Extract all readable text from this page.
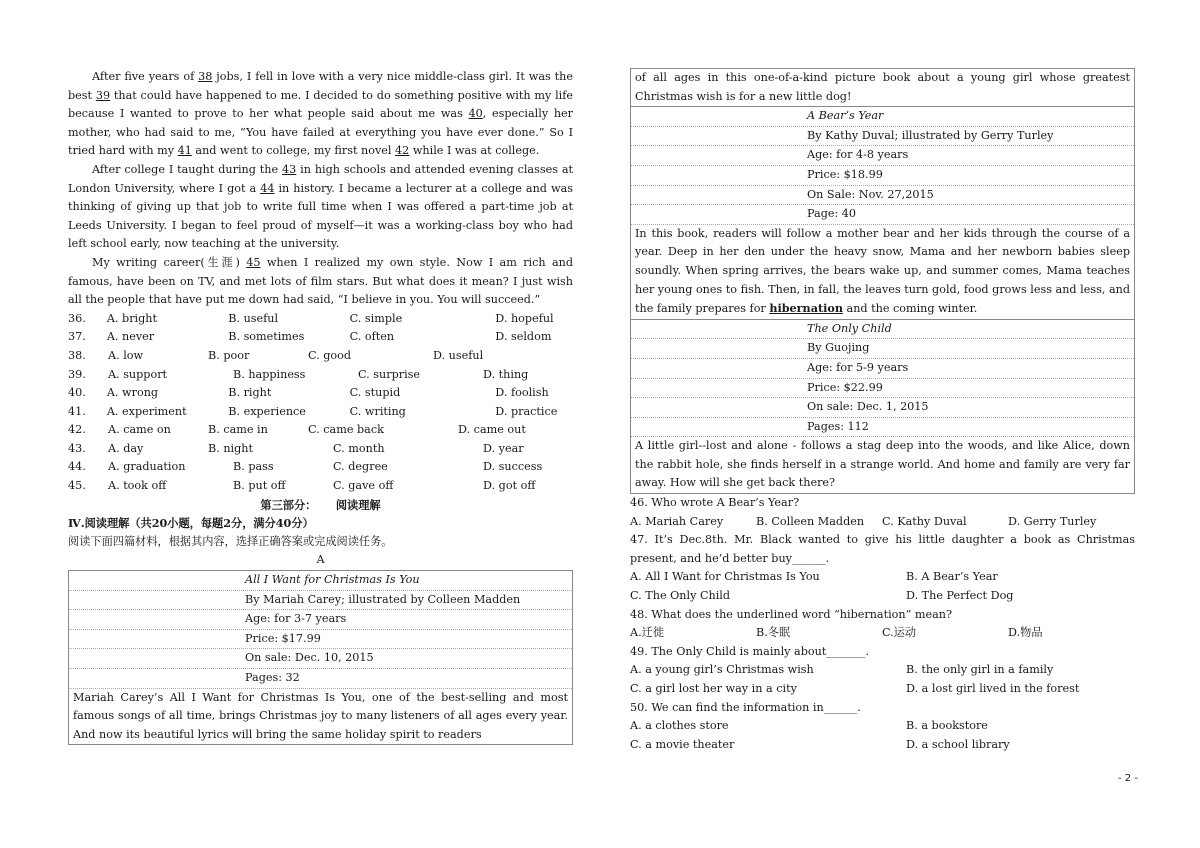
After five years of 38 jobs, I fell in love with a very nice middle-class girl. It was the best 39 that could have happened to me. I decided to do something positive with my life because I wanted to prove to her what people said about me was 40, especially her mother, who had said to me, “You have failed at everything you have ever done.” So I tried hard with my 41 and went to college, my first novel 42 while I was at college.

After college I taught during the 43 in high schools and attended evening classes at London University, where I got a 44 in history. I became a lecturer at a college and was thinking of giving up that job to write full time when I was offered a part-time job at Leeds University. I began to feel proud of myself—it was a working-class boy who had left school early, now teaching at the university.

My writing career(生涯) 45 when I realized my own style. Now I am rich and famous, have been on TV, and met lots of film stars. But what does it mean? I just wish all the people that have put me down had said, “I believe in you. You will succeed.”

36.	A. bright	B. useful	C. simple	D. hopeful
37.	A. never	B. sometimes	C. often	D. seldom
38.	A. low	B. poor	C. good	D. useful
39.	A. support	B. happiness	C. surprise	D. thing
40.	A. wrong	B. right	C. stupid	D. foolish
41.	A. experiment	B. experience	C. writing	D. practice
42.	A. came on	B. came in	C. came back	D. came out
43.	A. day	B. night	C. month	D. year
44.	A. graduation	B. pass	C. degree	D. success
45.	A. took off	B. put off	C. gave off	D. got off
第三部分： 阅读理解
Ⅳ.阅读理解（共20小题，每题2分，满分40分）
阅读下面四篇材料，根据其内容，选择正确答案或完成阅读任务。
A
All I Want for Christmas Is You
By Mariah Carey; illustrated by Colleen Madden
Age: for 3-7 years
Price: $17.99
On sale: Dec. 10, 2015
Pages: 32

Mariah Carey’s All I Want for Christmas Is You, one of the best-selling and most famous songs of all time, brings Christmas joy to many listeners of all ages every year. And now its beautiful lyrics will bring the same holiday spirit to readers

of all ages in this one-of-a-kind picture book about a young girl whose greatest Christmas wish is for a new little dog!

A Bear’s Year
By Kathy Duval; illustrated by Gerry Turley
Age: for 4-8 years
Price: $18.99
On Sale: Nov. 27,2015
Page: 40

In this book, readers will follow a mother bear and her kids through the course of a year. Deep in her den under the heavy snow, Mama and her newborn babies sleep soundly. When spring arrives, the bears wake up, and summer comes, Mama teaches her young ones to fish. Then, in fall, the leaves turn gold, food grows less and less, and the family prepares for hibernation and the coming winter.

The Only Child
By Guojing
Age: for 5-9 years
Price: $22.99
On sale: Dec. 1, 2015
Pages: 112

A little girl--lost and alone - follows a stag deep into the woods, and like Alice, down the rabbit hole, she finds herself in a strange world. And home and family are very far away. How will she get back there?

46. Who wrote A Bear’s Year?

A. Mariah Carey	B. Colleen Madden	C. Kathy Duval	D. Gerry Turley

47. It’s Dec.8th. Mr. Black wanted to give his little daughter a book as Christmas present, and he’d better buy______.

A. All I Want for Christmas Is You	B. A Bear’s Year
C. The Only Child	D. The Perfect Dog

48. What does the underlined word “hibernation” mean?

A.迁徙	B.冬眠	C.运动	D.物品

49. The Only Child is mainly about_______.

A. a young girl’s Christmas wish	B. the only girl in a family
C. a girl lost her way in a city	D. a lost girl lived in the forest

50. We can find the information in______.

A. a clothes store	B. a bookstore
C. a movie theater	D. a school library
- 2 -
